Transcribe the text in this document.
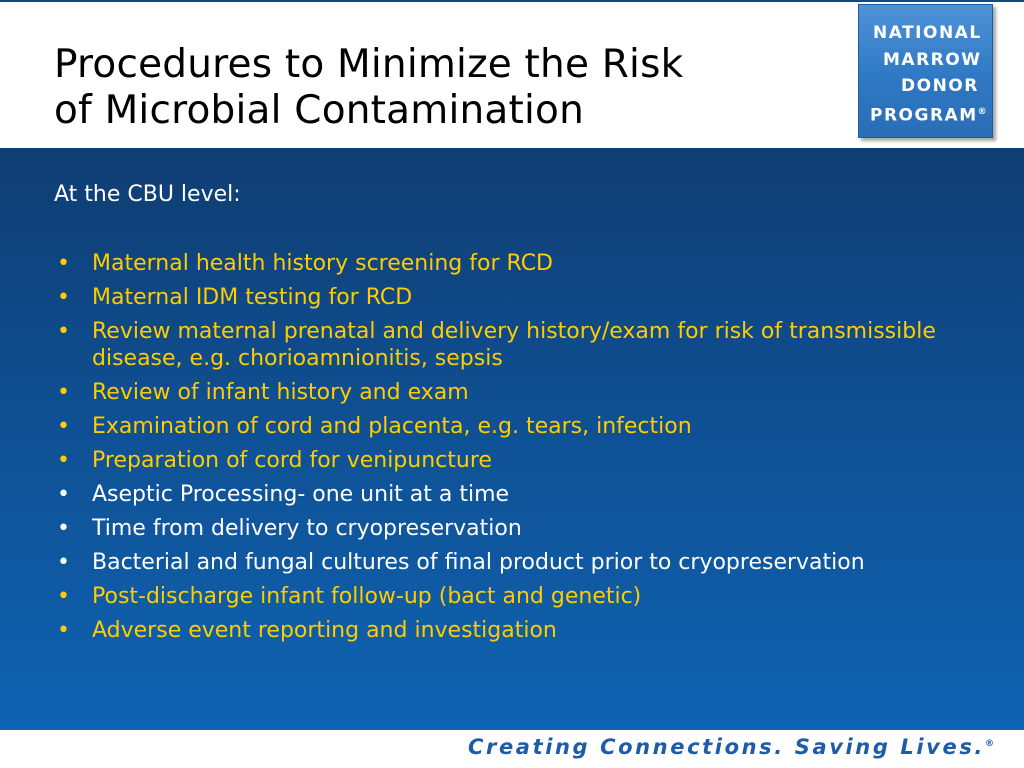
Procedures to Minimize the Risk
of Microbial Contamination
NATIONAL
MARROW
DONOR
PROGRAM®
At the CBU level:
• Maternal health history screening for RCD
• Maternal IDM testing for RCD
• Review maternal prenatal and delivery history/exam for risk of transmissible disease, e.g. chorioamnionitis, sepsis
• Review of infant history and exam
• Examination of cord and placenta, e.g. tears, infection
• Preparation of cord for venipuncture
• Aseptic Processing- one unit at a time
• Time from delivery to cryopreservation
• Bacterial and fungal cultures of final product prior to cryopreservation
• Post-discharge infant follow-up (bact and genetic)
• Adverse event reporting and investigation
Creating Connections. Saving Lives.®
